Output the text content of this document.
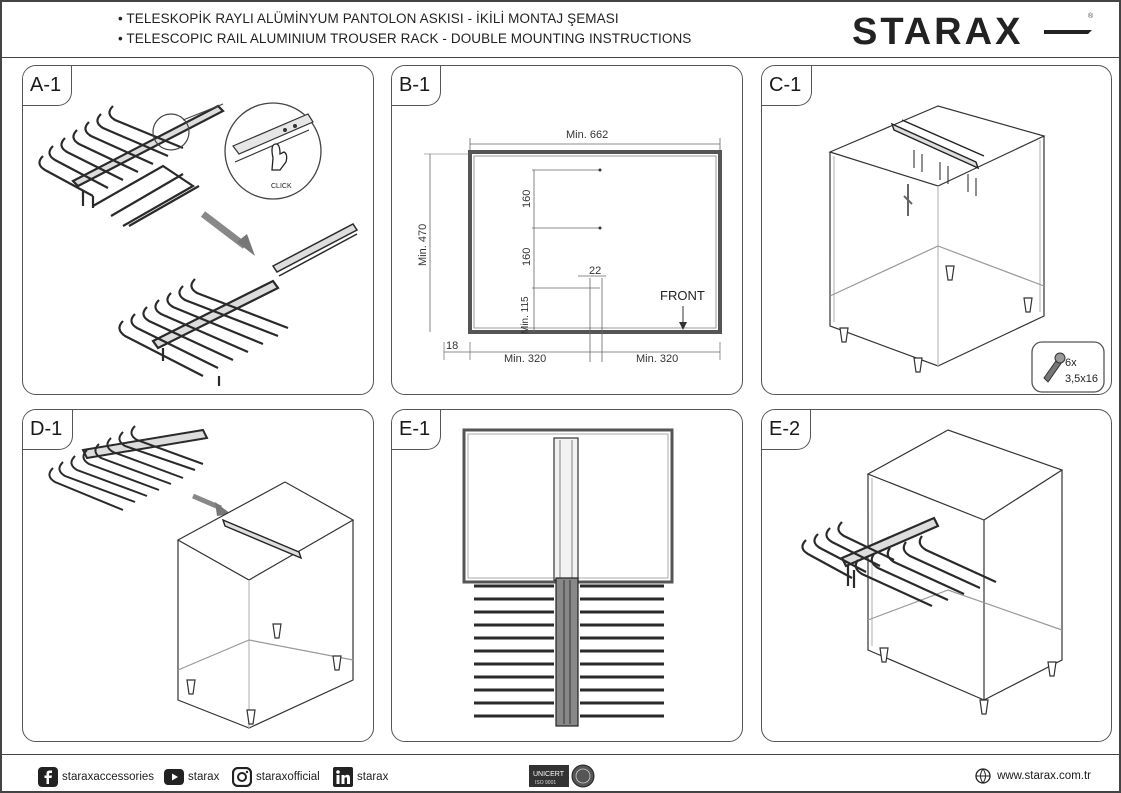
• TELESKOPİK RAYLI ALÜMİNYUM PANTOLON ASKISI - İKİLİ MONTAJ ŞEMASI
• TELESCOPIC RAIL ALUMINIUM TROUSER RACK - DOUBLE MOUNTING INSTRUCTIONS	STARAX	®
A-1
CLICK
B-1
Min. 662
Min. 470
160
160
Min. 115
22
FRONT
18
Min. 320	Min. 320
C-1
6x
3,5x16
D-1	E-1	E-2
staraxaccessories	starax	staraxofficial	starax	UNICERT
ISO 9001
www.starax.com.tr
